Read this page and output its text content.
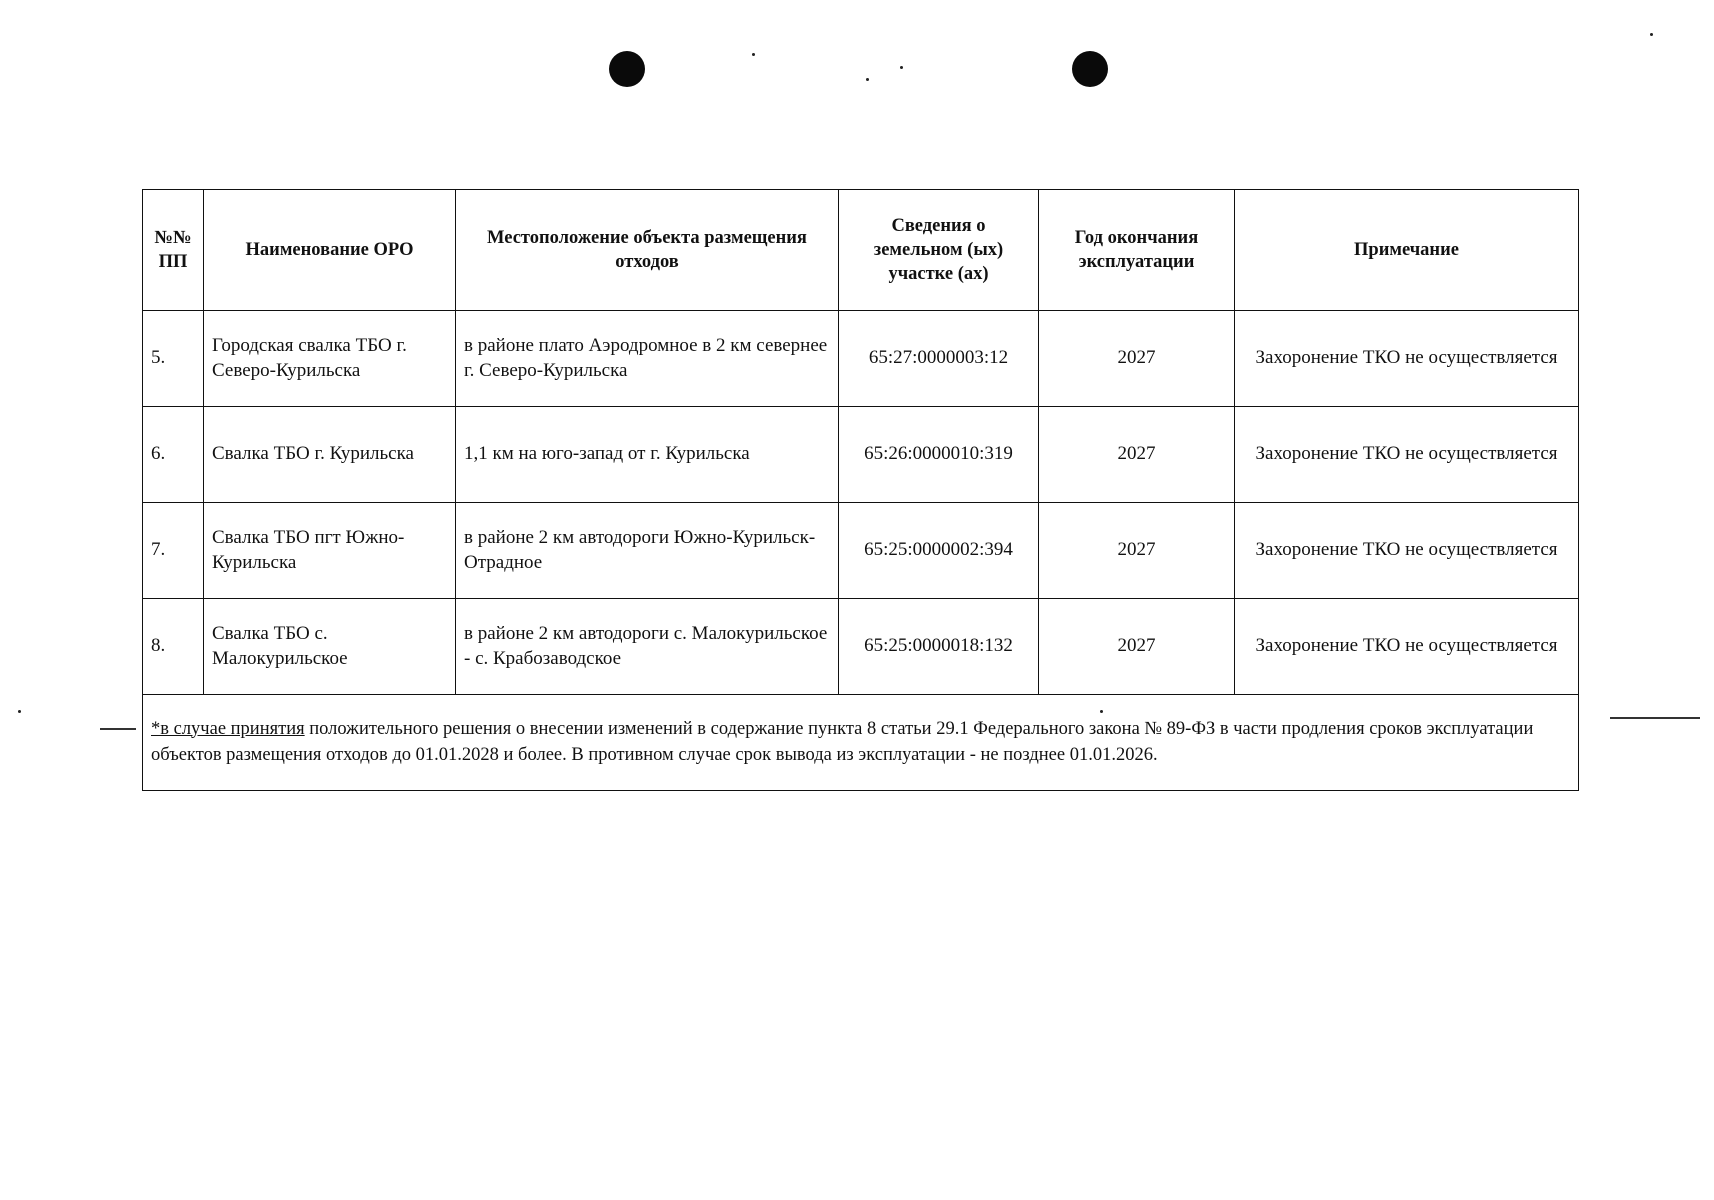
№№ ПП	Наименование ОРО	Местоположение объекта размещения отходов	Сведения о земельном (ых) участке (ах)	Год окончания эксплуатации	Примечание
5.	Городская свалка ТБО г. Северо-Курильска	в районе плато Аэродромное в 2 км севернее г. Северо-Курильска	65:27:0000003:12	2027	Захоронение ТКО не осуществляется
6.	Свалка ТБО г. Курильска	1,1 км на юго-запад от г. Курильска	65:26:0000010:319	2027	Захоронение ТКО не осуществляется
7.	Свалка ТБО пгт Южно-Курильска	в районе 2 км автодороги Южно-Курильск- Отрадное	65:25:0000002:394	2027	Захоронение ТКО не осуществляется
8.	Свалка ТБО с. Малокурильское	в районе 2 км автодороги с. Малокурильское - с. Крабозаводское	65:25:0000018:132	2027	Захоронение ТКО не осуществляется
*в случае принятия положительного решения о внесении изменений в содержание пункта 8 статьи 29.1 Федерального закона № 89-ФЗ в части продления сроков эксплуатации объектов размещения отходов до 01.01.2028 и более. В противном случае срок вывода из эксплуатации - не позднее 01.01.2026.					
